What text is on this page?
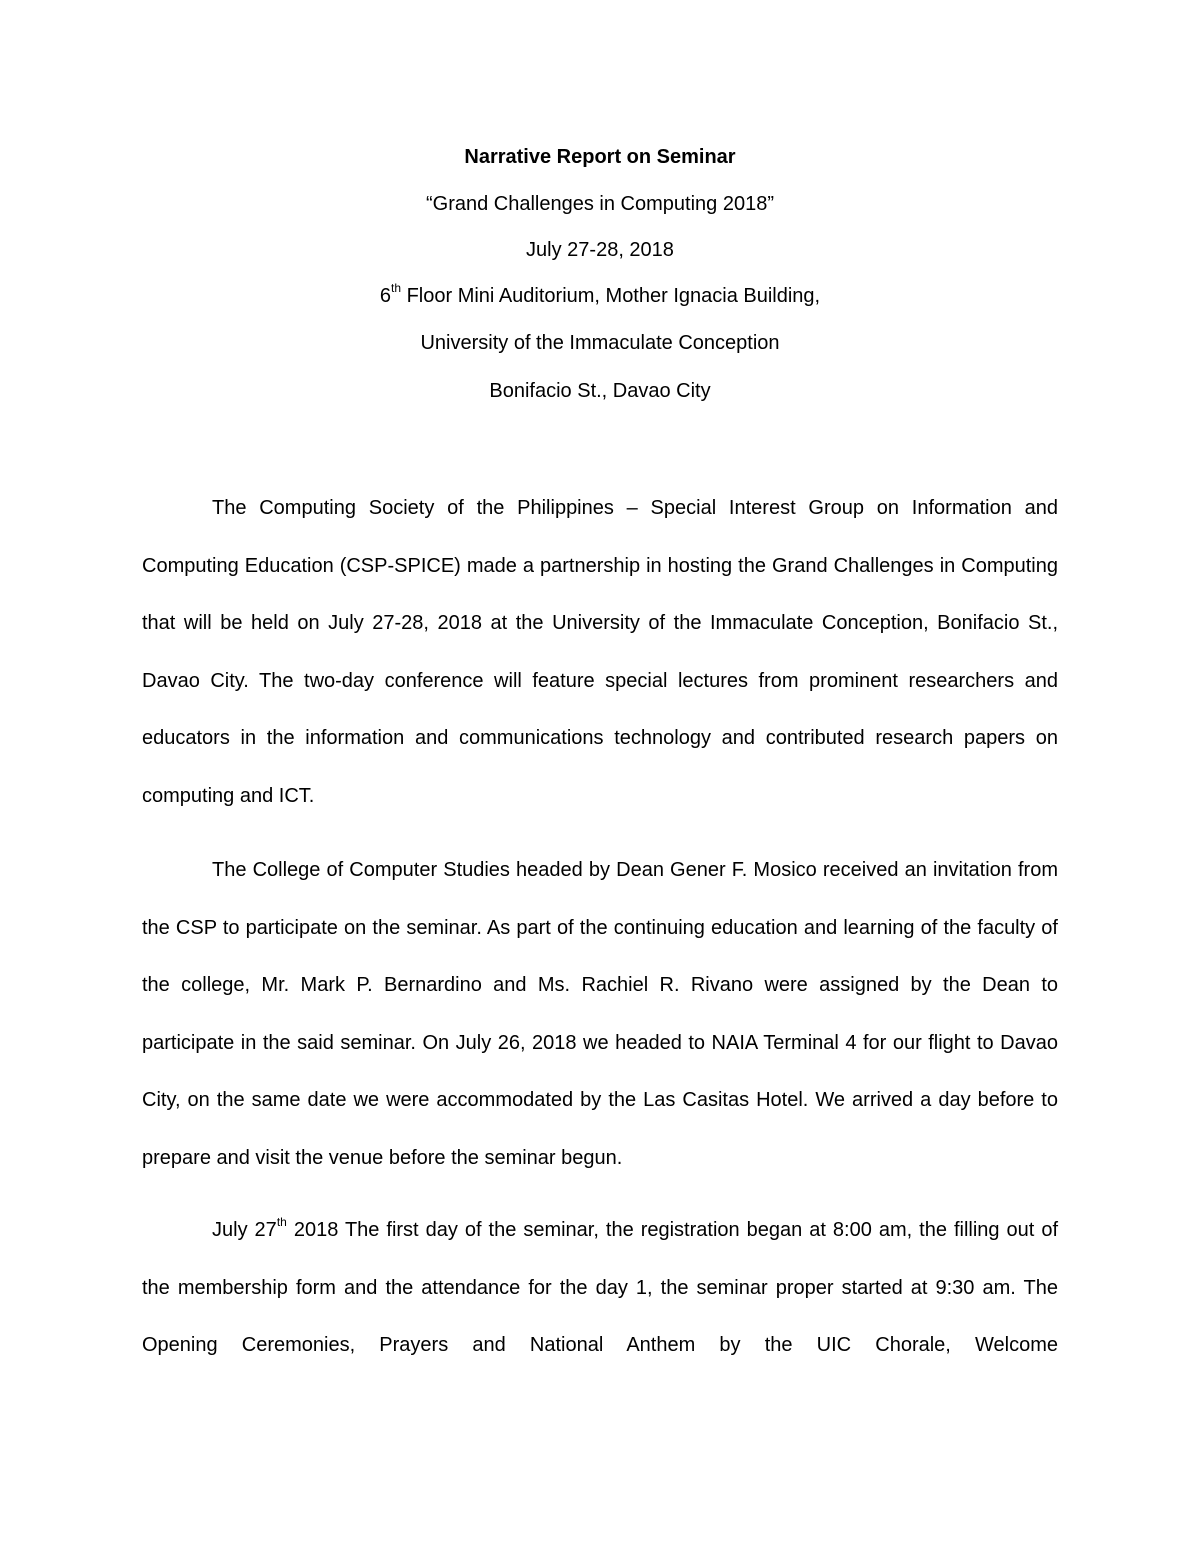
Narrative Report on Seminar
“Grand Challenges in Computing 2018”
July 27-28, 2018
6th Floor Mini Auditorium, Mother Ignacia Building,
University of the Immaculate Conception
Bonifacio St., Davao City

The Computing Society of the Philippines – Special Interest Group on Information and Computing Education (CSP-SPICE) made a partnership in hosting the Grand Challenges in Computing that will be held on July 27-28, 2018 at the University of the Immaculate Conception, Bonifacio St., Davao City. The two-day conference will feature special lectures from prominent researchers and educators in the information and communications technology and contributed research papers on computing and ICT.

The College of Computer Studies headed by Dean Gener F. Mosico received an invitation from the CSP to participate on the seminar. As part of the continuing education and learning of the faculty of the college, Mr. Mark P. Bernardino and Ms. Rachiel R. Rivano were assigned by the Dean to participate in the said seminar. On July 26, 2018 we headed to NAIA Terminal 4 for our flight to Davao City, on the same date we were accommodated by the Las Casitas Hotel. We arrived a day before to prepare and visit the venue before the seminar begun.

July 27th 2018 The first day of the seminar, the registration began at 8:00 am, the filling out of the membership form and the attendance for the day 1, the seminar proper started at 9:30 am. The Opening Ceremonies, Prayers and National Anthem by the UIC Chorale, Welcome
